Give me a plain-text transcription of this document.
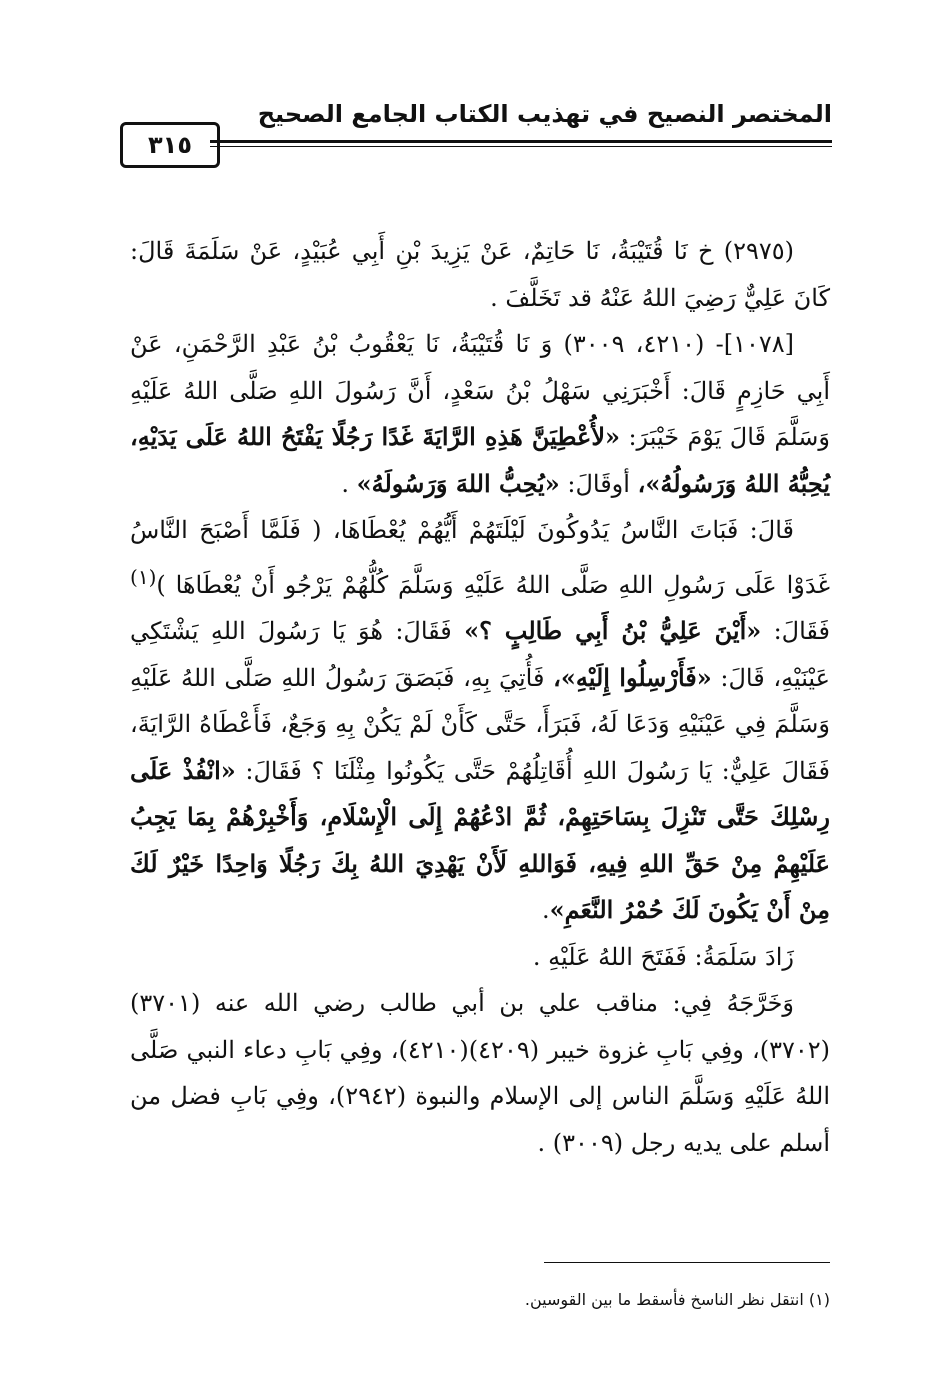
المختصر النصيح في تهذيب الكتاب الجامع الصحيح
٣١٥

(٢٩٧٥) خ نَا قُتَيْبَةُ، نَا حَاتِمٌ، عَنْ يَزِيدَ بْنِ أَبِي عُبَيْدٍ، عَنْ سَلَمَةَ قَالَ: كَانَ عَلِيٌّ رَضِيَ اللهُ عَنْهُ قد تَخَلَّفَ .

[١٠٧٨]- (٤٢١٠، ٣٠٠٩) وَ نَا قُتَيْبَةُ، نَا يَعْقُوبُ بْنُ عَبْدِ الرَّحْمَنِ، عَنْ أَبِي حَازِمٍ قَالَ: أَخْبَرَنِي سَهْلُ بْنُ سَعْدٍ، أَنَّ رَسُولَ اللهِ صَلَّى اللهُ عَلَيْهِ وَسَلَّمَ قَالَ يَوْمَ خَيْبَرَ: «لأُعْطِيَنَّ هَذِهِ الرَّايَةَ غَدًا رَجُلًا يَفْتَحُ اللهُ عَلَى يَدَيْهِ، يُحِبُّهُ اللهُ وَرَسُولُهُ»، أوقَالَ: «يُحِبُّ اللهَ وَرَسُولَهُ» .

قَالَ: فَبَاتَ النَّاسُ يَدُوكُونَ لَيْلَتَهُمْ أَيُّهُمْ يُعْطَاهَا، ( فَلَمَّا أَصْبَحَ النَّاسُ غَدَوْا عَلَى رَسُولِ اللهِ صَلَّى اللهُ عَلَيْهِ وَسَلَّمَ كُلُّهُمْ يَرْجُو أَنْ يُعْطَاهَا )$^{(١)}$ فَقَالَ: «أَيْنَ عَلِيُّ بْنُ أَبِي طَالِبٍ ؟» فَقَالَ: هُوَ يَا رَسُولَ اللهِ يَشْتَكِي عَيْنَيْهِ، قَالَ: «فَأَرْسِلُوا إِلَيْهِ»، فَأُتِيَ بِهِ، فَبَصَقَ رَسُولُ اللهِ صَلَّى اللهُ عَلَيْهِ وَسَلَّمَ فِي عَيْنَيْهِ وَدَعَا لَهُ، فَبَرَأَ، حَتَّى كَأَنْ لَمْ يَكُنْ بِهِ وَجَعٌ، فَأَعْطَاهُ الرَّايَةَ، فَقَالَ عَلِيٌّ: يَا رَسُولَ اللهِ أُقَاتِلُهُمْ حَتَّى يَكُونُوا مِثْلَنَا ؟ فَقَالَ: «انْفُذْ عَلَى رِسْلِكَ حَتَّى تَنْزِلَ بِسَاحَتِهِمْ، ثُمَّ ادْعُهُمْ إِلَى الْإِسْلَامِ، وَأَخْبِرْهُمْ بِمَا يَجِبُ عَلَيْهِمْ مِنْ حَقِّ اللهِ فِيهِ، فَوَاللهِ لَأَنْ يَهْدِيَ اللهُ بِكَ رَجُلًا وَاحِدًا خَيْرٌ لَكَ مِنْ أَنْ يَكُونَ لَكَ حُمْرُ النَّعَمِ».

زَادَ سَلَمَةُ: فَفَتَحَ اللهُ عَلَيْهِ .

وَخَرَّجَهُ فِي: مناقب علي بن أبي طالب رضي الله عنه (٣٧٠١)(٣٧٠٢)، وفِي بَابِ غزوة خيبر (٤٢٠٩)(٤٢١٠)، وفِي بَابِ دعاء النبي صَلَّى اللهُ عَلَيْهِ وَسَلَّمَ الناس إلى الإسلام والنبوة (٢٩٤٢)، وفِي بَابِ فضل من أسلم على يديه رجل (٣٠٠٩) .

(١) انتقل نظر الناسخ فأسقط ما بين القوسين.
